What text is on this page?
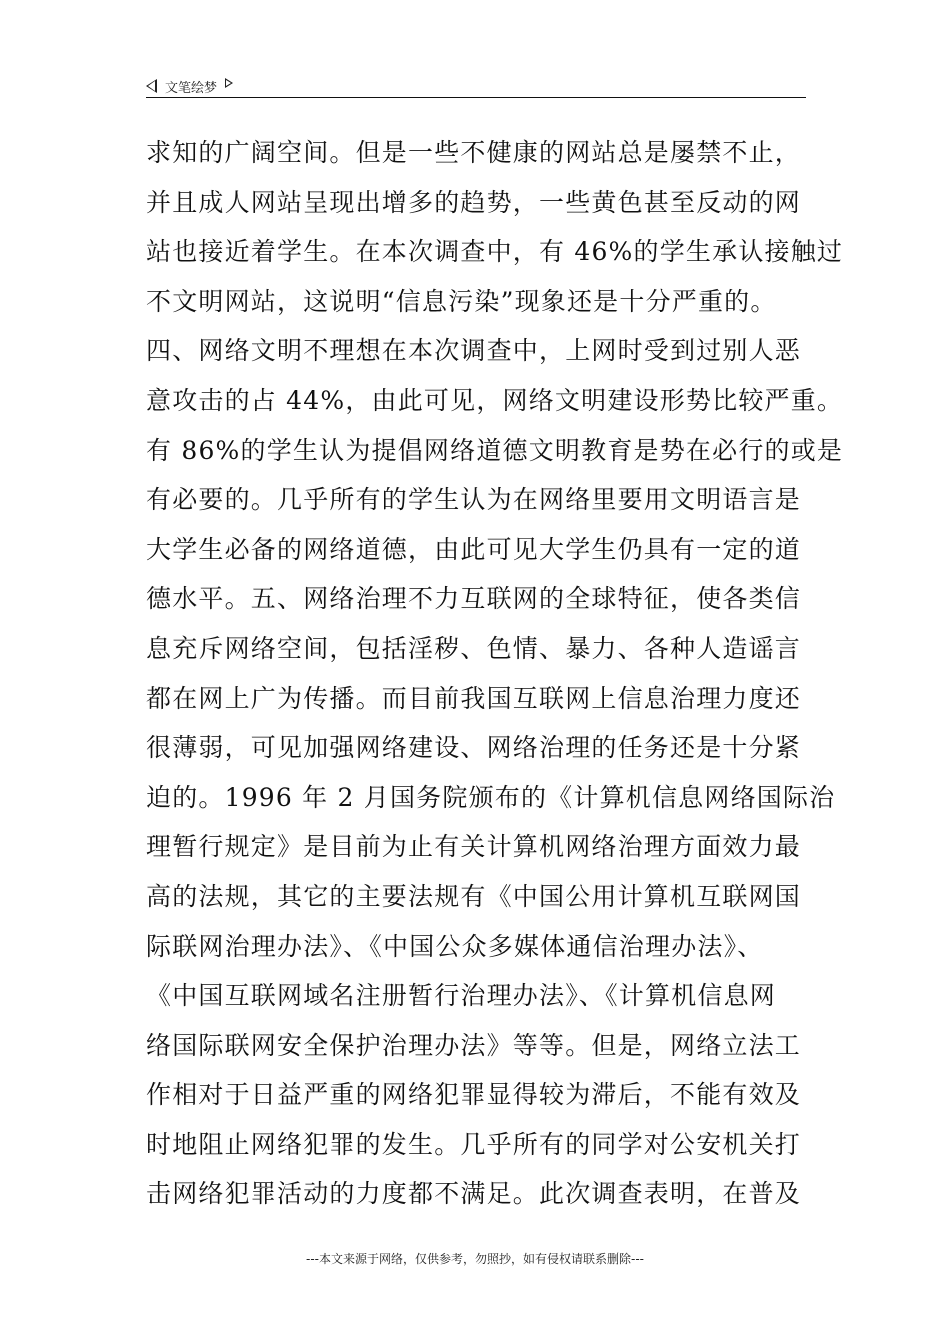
文笔绘梦
求知的广阔空间。但是一些不健康的网站总是屡禁不止，
并且成人网站呈现出增多的趋势，一些黄色甚至反动的网
站也接近着学生。在本次调查中，有 46%的学生承认接触过
不文明网站，这说明“信息污染”现象还是十分严重的。
四、网络文明不理想在本次调查中，上网时受到过别人恶
意攻击的占 44%，由此可见，网络文明建设形势比较严重。
有 86%的学生认为提倡网络道德文明教育是势在必行的或是
有必要的。几乎所有的学生认为在网络里要用文明语言是
大学生必备的网络道德，由此可见大学生仍具有一定的道
德水平。五、网络治理不力互联网的全球特征，使各类信
息充斥网络空间，包括淫秽、色情、暴力、各种人造谣言
都在网上广为传播。而目前我国互联网上信息治理力度还
很薄弱，可见加强网络建设、网络治理的任务还是十分紧
迫的。1996 年 2 月国务院颁布的《计算机信息网络国际治
理暂行规定》是目前为止有关计算机网络治理方面效力最
高的法规，其它的主要法规有《中国公用计算机互联网国
际联网治理办法》、《中国公众多媒体通信治理办法》、
《中国互联网域名注册暂行治理办法》、《计算机信息网
络国际联网安全保护治理办法》等等。但是，网络立法工
作相对于日益严重的网络犯罪显得较为滞后，不能有效及
时地阻止网络犯罪的发生。几乎所有的同学对公安机关打
击网络犯罪活动的力度都不满足。此次调查表明，在普及
---本文来源于网络，仅供参考，勿照抄，如有侵权请联系删除---
